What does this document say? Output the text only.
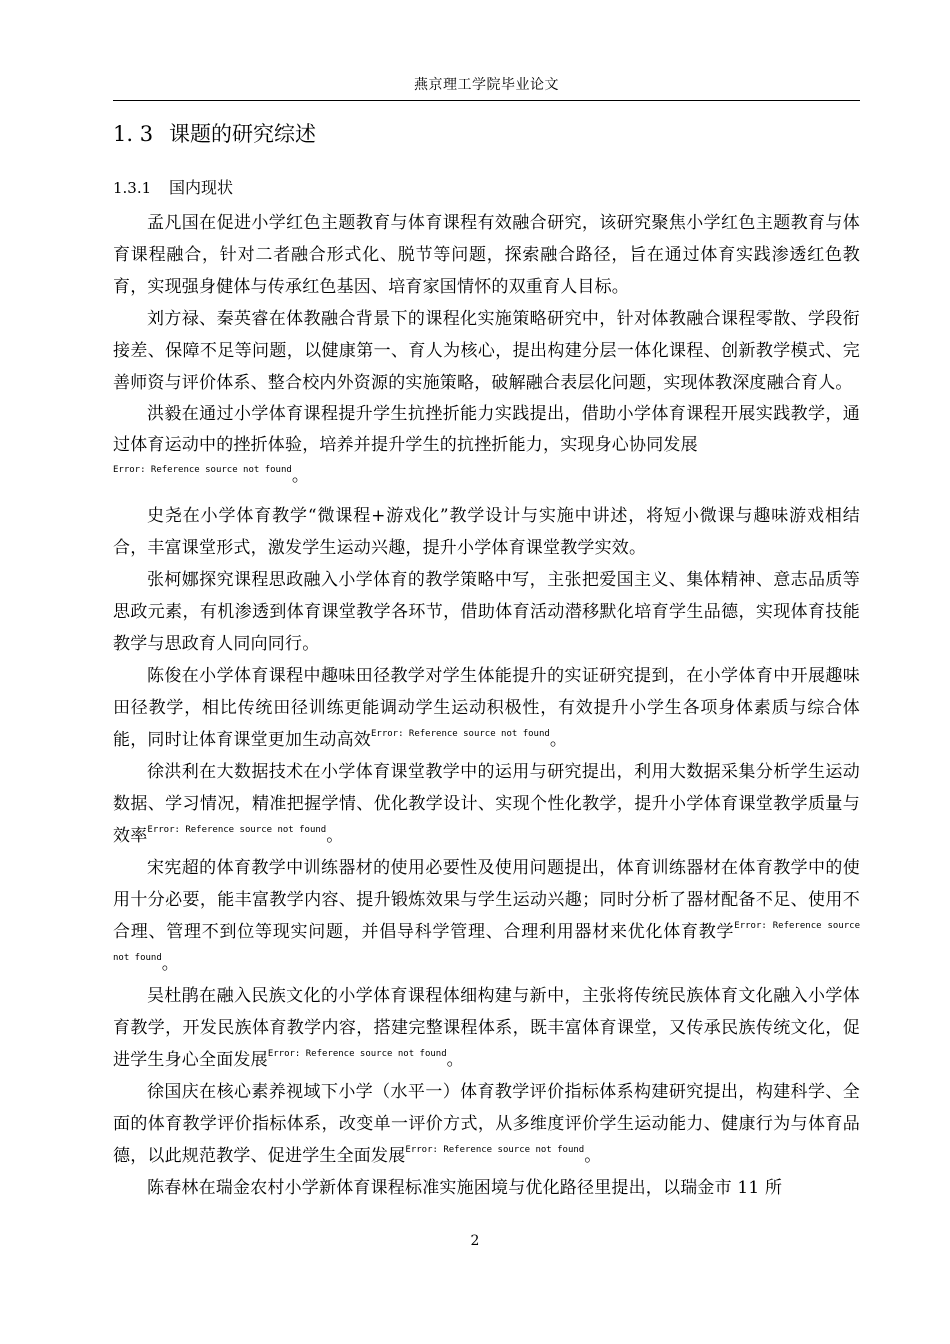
燕京理工学院毕业论文
1. 3 课题的研究综述
1.3.1 国内现状

孟凡国在促进小学红色主题教育与体育课程有效融合研究，该研究聚焦小学红色主题教育与体育课程融合，针对二者融合形式化、脱节等问题，探索融合路径，旨在通过体育实践渗透红色教育，实现强身健体与传承红色基因、培育家国情怀的双重育人目标。

刘方禄、秦英睿在体教融合背景下的课程化实施策略研究中，针对体教融合课程零散、学段衔接差、保障不足等问题，以健康第一、育人为核心，提出构建分层一体化课程、创新教学模式、完善师资与评价体系、整合校内外资源的实施策略，破解融合表层化问题，实现体教深度融合育人。

洪毅在通过小学体育课程提升学生抗挫折能力实践提出，借助小学体育课程开展实践教学，通过体育运动中的挫折体验，培养并提升学生的抗挫折能力，实现身心协同发展
$^{Error: Reference source not found}$。

史尧在小学体育教学“微课程+游戏化”教学设计与实施中讲述，将短小微课与趣味游戏相结合，丰富课堂形式，激发学生运动兴趣，提升小学体育课堂教学实效。

张柯娜探究课程思政融入小学体育的教学策略中写，主张把爱国主义、集体精神、意志品质等思政元素，有机渗透到体育课堂教学各环节，借助体育活动潜移默化培育学生品德，实现体育技能教学与思政育人同向同行。

陈俊在小学体育课程中趣味田径教学对学生体能提升的实证研究提到，在小学体育中开展趣味田径教学，相比传统田径训练更能调动学生运动积极性，有效提升小学生各项身体素质与综合体能，同时让体育课堂更加生动高效$^{Error: Reference source not found}$。

徐洪利在大数据技术在小学体育课堂教学中的运用与研究提出，利用大数据采集分析学生运动数据、学习情况，精准把握学情、优化教学设计、实现个性化教学，提升小学体育课堂教学质量与效率$^{Error: Reference source not found}$。

宋宪超的体育教学中训练器材的使用必要性及使用问题提出，体育训练器材在体育教学中的使用十分必要，能丰富教学内容、提升锻炼效果与学生运动兴趣；同时分析了器材配备不足、使用不合理、管理不到位等现实问题，并倡导科学管理、合理利用器材来优化体育教学$^{Error: Reference source not found}$。

吴杜鹃在融入民族文化的小学体育课程体细构建与新中，主张将传统民族体育文化融入小学体育教学，开发民族体育教学内容，搭建完整课程体系，既丰富体育课堂，又传承民族传统文化，促进学生身心全面发展$^{Error: Reference source not found}$。

徐国庆在核心素养视域下小学（水平一）体育教学评价指标体系构建研究提出，构建科学、全面的体育教学评价指标体系，改变单一评价方式，从多维度评价学生运动能力、健康行为与体育品德，以此规范教学、促进学生全面发展$^{Error: Reference source not found}$。

陈春林在瑞金农村小学新体育课程标准实施困境与优化路径里提出，以瑞金市 11 所

2
